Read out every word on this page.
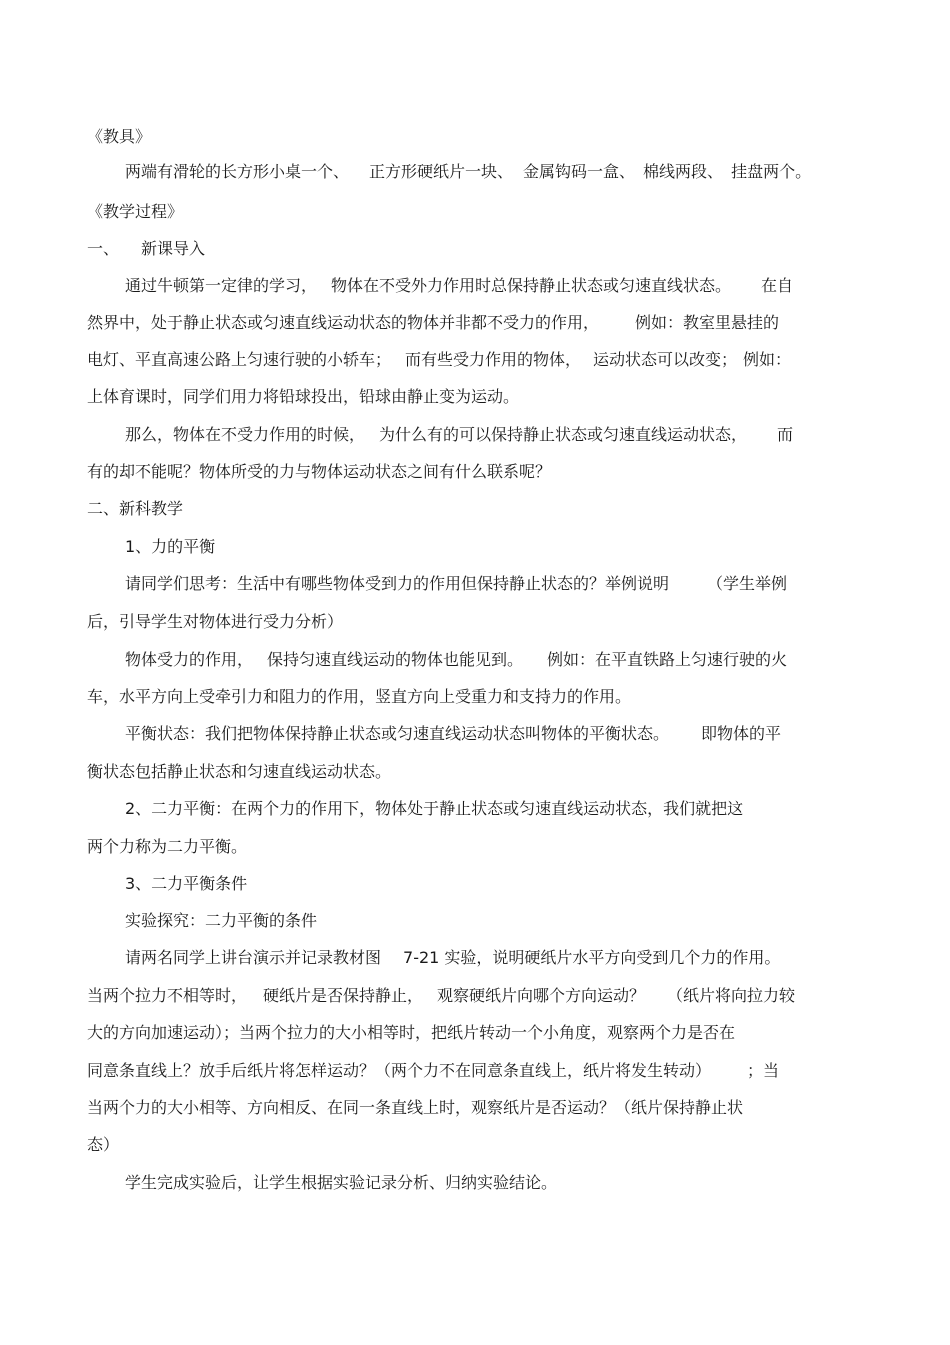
《教具》
两端有滑轮的长方形小桌一个、 正方形硬纸片一块、 金属钩码一盒、 棉线两段、 挂盘两个。
《教学过程》
一、 新课导入
通过牛顿第一定律的学习， 物体在不受外力作用时总保持静止状态或匀速直线状态。 在自
然界中，处于静止状态或匀速直线运动状态的物体并非都不受力的作用， 例如：教室里悬挂的
电灯、平直高速公路上匀速行驶的小轿车； 而有些受力作用的物体， 运动状态可以改变； 例如：
上体育课时，同学们用力将铅球投出，铅球由静止变为运动。
那么，物体在不受力作用的时候， 为什么有的可以保持静止状态或匀速直线运动状态， 而
有的却不能呢？物体所受的力与物体运动状态之间有什么联系呢？
二、新科教学
1、力的平衡
请同学们思考：生活中有哪些物体受到力的作用但保持静止状态的？举例说明 （学生举例
后，引导学生对物体进行受力分析）
物体受力的作用， 保持匀速直线运动的物体也能见到。 例如：在平直铁路上匀速行驶的火
车，水平方向上受牵引力和阻力的作用，竖直方向上受重力和支持力的作用。
平衡状态：我们把物体保持静止状态或匀速直线运动状态叫物体的平衡状态。 即物体的平
衡状态包括静止状态和匀速直线运动状态。
2、二力平衡：在两个力的作用下，物体处于静止状态或匀速直线运动状态，我们就把这
两个力称为二力平衡。
3、二力平衡条件
实验探究：二力平衡的条件
请两名同学上讲台演示并记录教材图 7-21 实验，说明硬纸片水平方向受到几个力的作用。
当两个拉力不相等时， 硬纸片是否保持静止， 观察硬纸片向哪个方向运动？ （纸片将向拉力较
大的方向加速运动）；当两个拉力的大小相等时，把纸片转动一个小角度，观察两个力是否在
同意条直线上？放手后纸片将怎样运动？（两个力不在同意条直线上，纸片将发生转动） ；当
当两个力的大小相等、方向相反、在同一条直线上时，观察纸片是否运动？（纸片保持静止状
态）
学生完成实验后，让学生根据实验记录分析、归纳实验结论。
